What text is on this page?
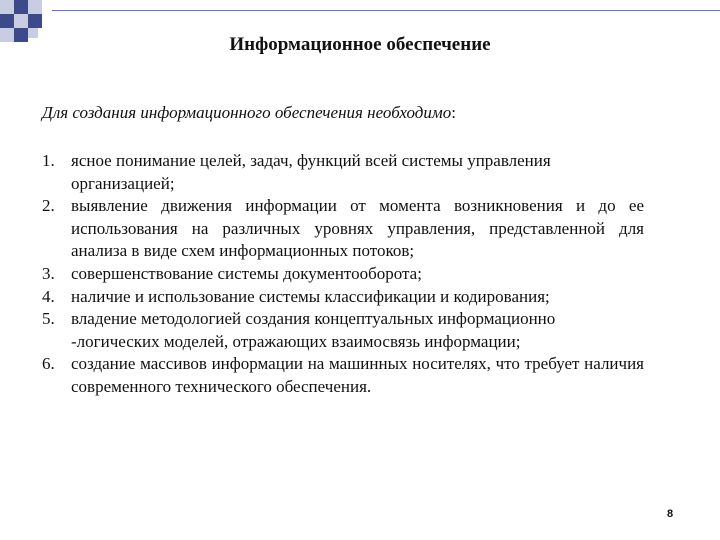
Информационное обеспечение
Для создания информационного обеспечения необходимо:
1. ясное понимание целей, задач, функций всей системы управления организацией;
2. выявление движения информации от момента возникновения и до ее использования на различных уровнях управления, представленной для анализа в виде схем информационных потоков;
3. совершенствование системы документооборота;
4. наличие и использование системы классификации и кодирования;
5. владение методологией создания концептуальных информационно -логических моделей, отражающих взаимосвязь информации;
6. создание массивов информации на машинных носителях, что требует наличия современного технического обеспечения.
8
